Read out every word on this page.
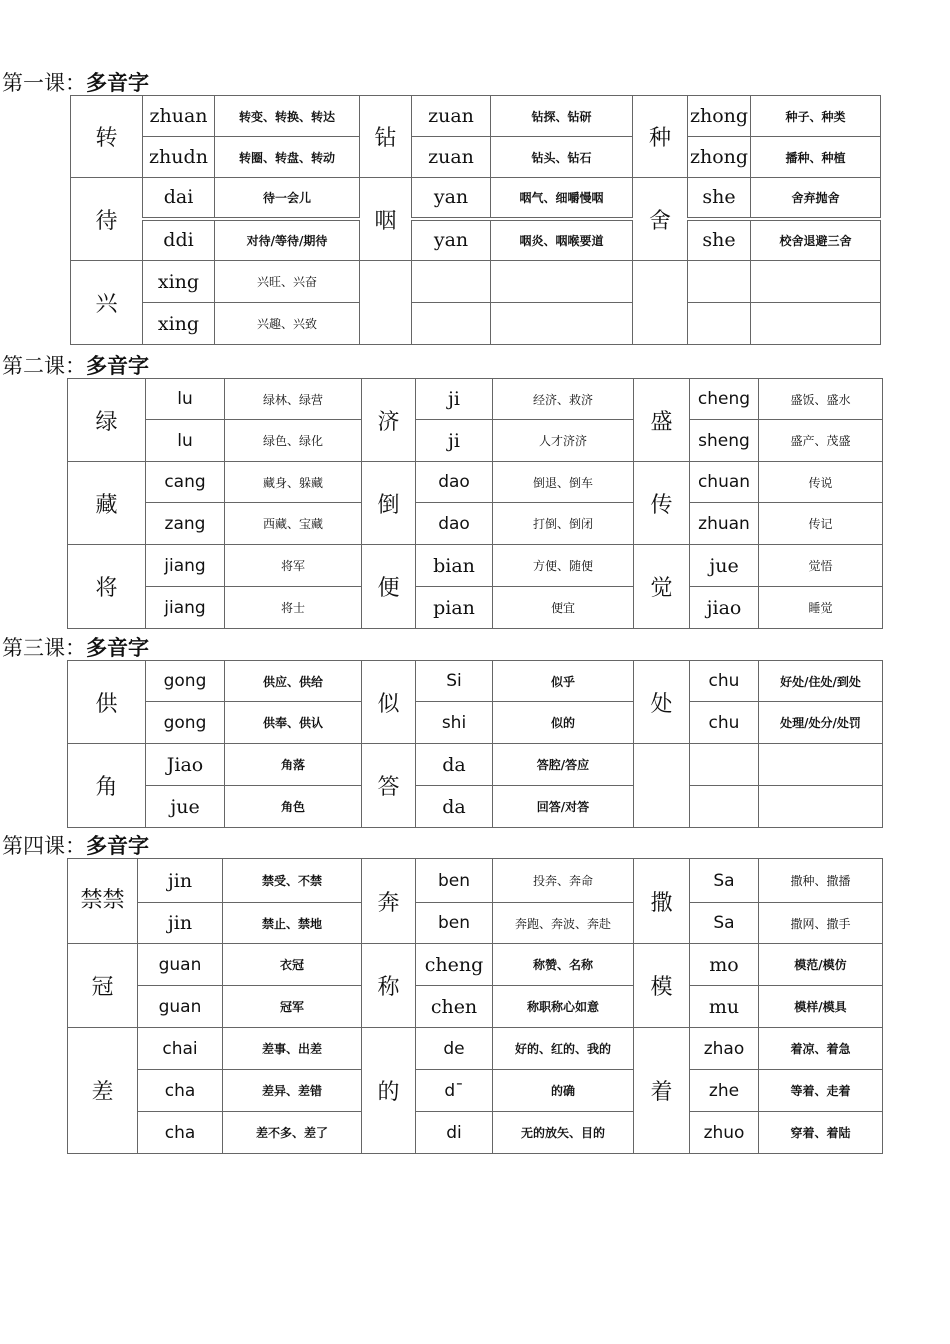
第一课：多音字
转	zhuan	转变、转换、转达	钻	zuan	钻探、钻研	种	zhong	种子、种类
	zhudn	转圈、转盘、转动		zuan	钻头、钻石		zhong	播种、种植
待	dai	待一会儿	咽	yan	咽气、细嚼慢咽	舍	she	舍弃抛舍
	ddi	对待/等待/期待		yan	咽炎、咽喉要道		she	校舍退避三舍
兴	xing	兴旺、兴奋						
	xing	兴趣、兴致						
第二课：多音字
绿	lu	绿林、绿营	济	ji	经济、救济	盛	cheng	盛饭、盛水
	lu	绿色、绿化		ji	人才济济		sheng	盛产、茂盛
藏	cang	藏身、躲藏	倒	dao	倒退、倒车	传	chuan	传说
	zang	西藏、宝藏		dao	打倒、倒闭		zhuan	传记
将	jiang	将军	便	bian	方便、随便	觉	jue	觉悟
	jiang	将士		pian	便宜		jiao	睡觉
第三课：多音字
供	gong	供应、供给	似	Si	似乎	处	chu	好处/住处/到处
	gong	供奉、供认		shi	似的		chu	处理/处分/处罚
角	Jiao	角落	答	da	答腔/答应			
	jue	角色		da	回答/对答			
第四课：多音字
禁禁	jin	禁受、不禁	奔	ben	投奔、奔命	撒	Sa	撒种、撒播
	jin	禁止、禁地		ben	奔跑、奔波、奔赴		Sa	撒网、撒手
冠	guan	衣冠	称	cheng	称赞、名称	模	mo	模范/模仿
	guan	冠军		chen	称职称心如意		mu	模样/模具
差	chai	差事、出差	的	de	好的、红的、我的	着	zhao	着凉、着急
	cha	差异、差错		dˉ	的确		zhe	等着、走着
	cha	差不多、差了		di	无的放矢、目的		zhuo	穿着、着陆
